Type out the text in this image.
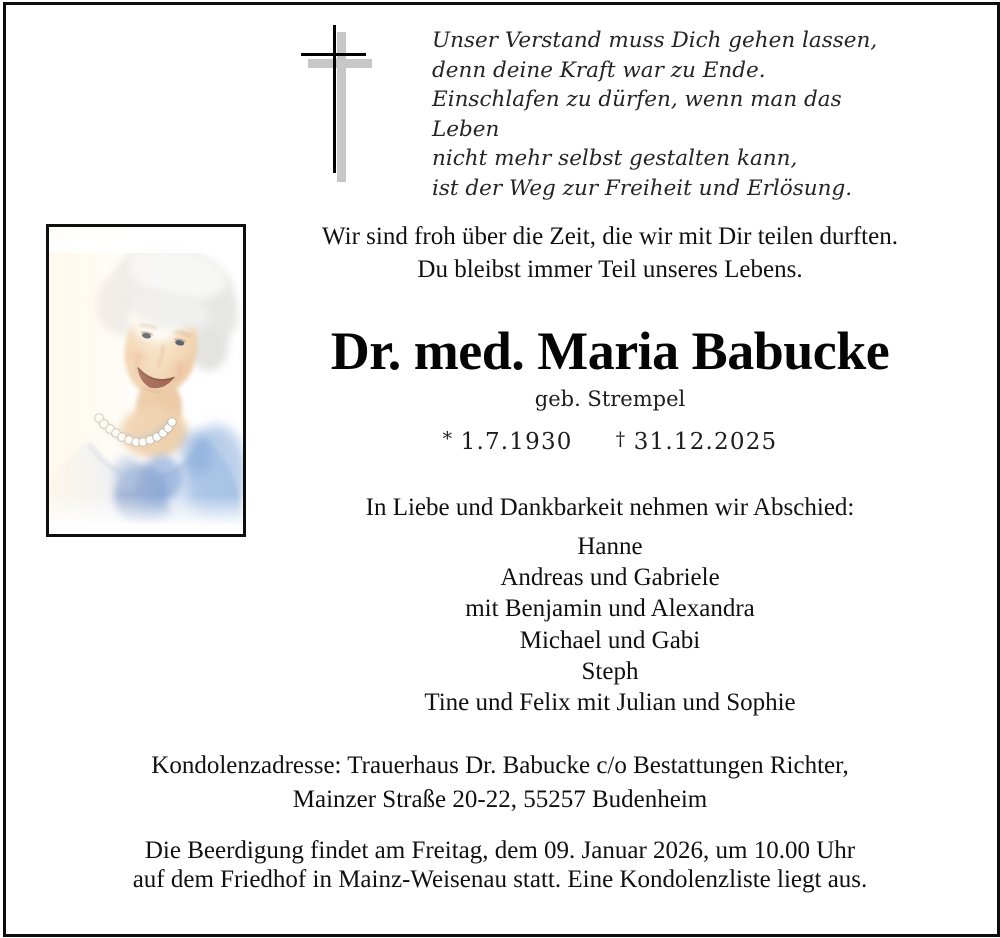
Unser Verstand muss Dich gehen lassen,
denn deine Kraft war zu Ende.
Einschlafen zu dürfen, wenn man das Leben
nicht mehr selbst gestalten kann,
ist der Weg zur Freiheit und Erlösung.
Wir sind froh über die Zeit, die wir mit Dir teilen durften.
Du bleibst immer Teil unseres Lebens.
Dr. med. Maria Babucke
geb. Strempel
* 1.7.1930 † 31.12.2025
In Liebe und Dankbarkeit nehmen wir Abschied:
Hanne
Andreas und Gabriele
mit Benjamin und Alexandra
Michael und Gabi
Steph
Tine und Felix mit Julian und Sophie
Kondolenzadresse: Trauerhaus Dr. Babucke c/o Bestattungen Richter,
Mainzer Straße 20-22, 55257 Budenheim
Die Beerdigung findet am Freitag, dem 09. Januar 2026, um 10.00 Uhr
auf dem Friedhof in Mainz-Weisenau statt. Eine Kondolenzliste liegt aus.
